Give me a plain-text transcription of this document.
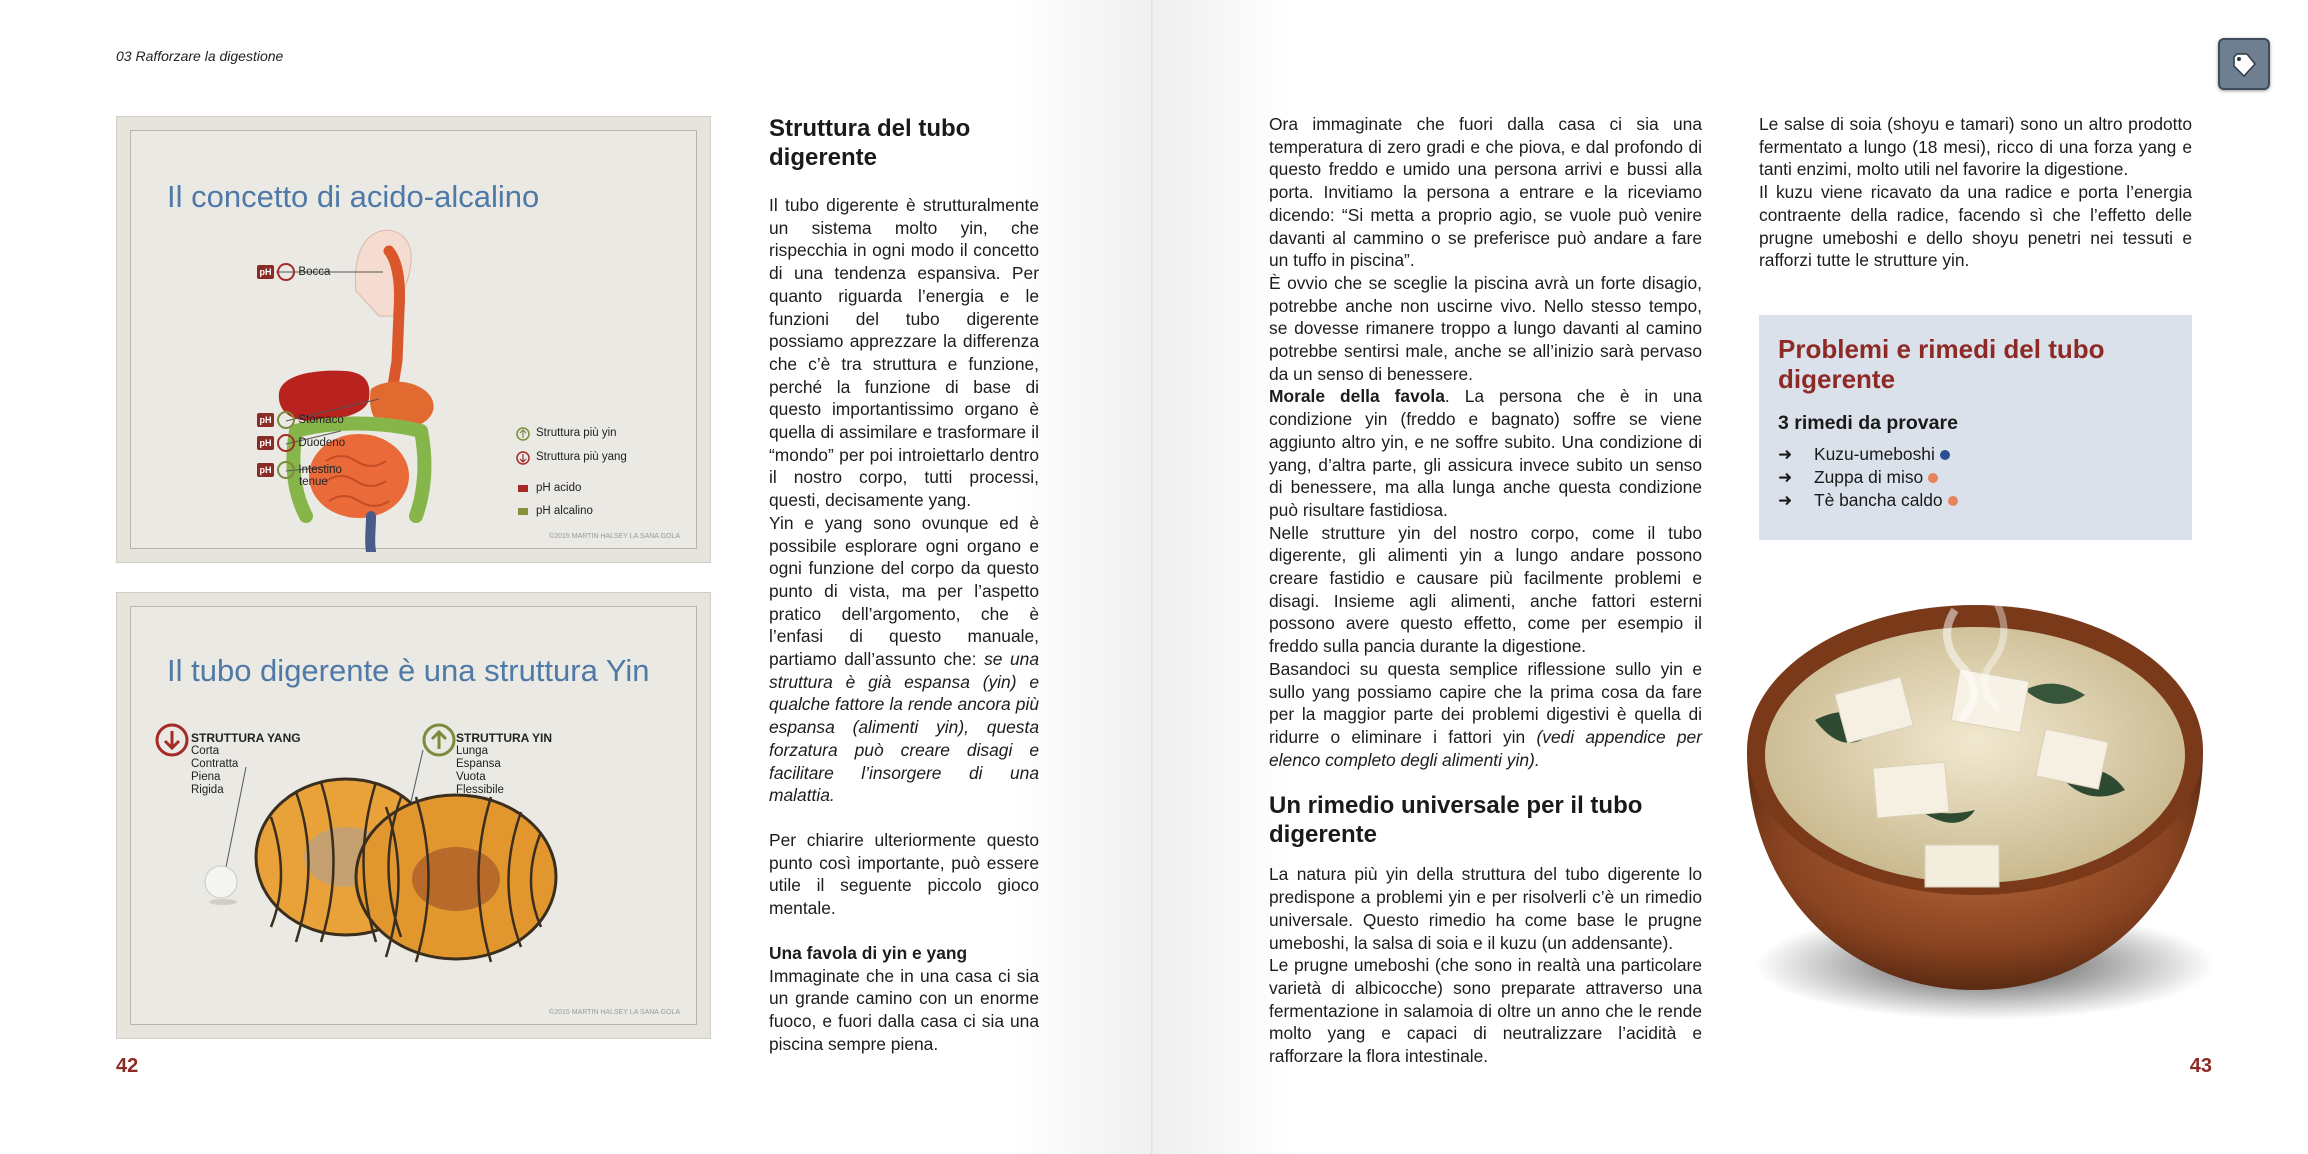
03 Rafforzare la digestione
Il concetto di acido-alcalino
pH Bocca
pH Stomaco
pH Duodeno
pH Intestino
tenue
Struttura più yin
Struttura più yang
pH acido
pH alcalino
©2015 MARTIN HALSEY LA SANA GOLA
Il tubo digerente è una struttura Yin
STRUTTURA YANG
Corta
Contratta
Piena
Rigida
STRUTTURA YIN
Lunga
Espansa
Vuota
Flessibile
©2015 MARTIN HALSEY LA SANA GOLA
Struttura del tubo digerente

Il tubo digerente è strutturalmente un sistema molto yin, che rispecchia in ogni modo il concetto di una tendenza espansiva. Per quanto riguarda l’energia e le funzioni del tubo digerente possiamo apprezzare la differenza che c’è tra struttura e funzione, perché la funzione di base di questo importantissimo organo è quella di assimilare e trasformare il “mondo” per poi introiettarlo dentro il nostro corpo, tutti processi, questi, decisamente yang.

Yin e yang sono ovunque ed è possibile esplorare ogni organo e ogni funzione del corpo da questo punto di vista, ma per l’aspetto pratico dell’argomento, che è l’enfasi di questo manuale, partiamo dall’assunto che: se una struttura è già espansa (yin) e qualche fattore la rende ancora più espansa (alimenti yin), questa forzatura può creare disagi e facilitare l’insorgere di una malattia.

Per chiarire ulteriormente questo punto così importante, può essere utile il seguente piccolo gioco mentale.

Una favola di yin e yang

Immaginate che in una casa ci sia un grande camino con un enorme fuoco, e fuori dalla casa ci sia una piscina sempre piena.

42

Ora immaginate che fuori dalla casa ci sia una temperatura di zero gradi e che piova, e dal profondo di questo freddo e umido una persona arrivi e bussi alla porta. Invitiamo la persona a entrare e la riceviamo dicendo: “Si metta a proprio agio, se vuole può venire davanti al cammino o se preferisce può andare a fare un tuffo in piscina”.

È ovvio che se sceglie la piscina avrà un forte disagio, potrebbe anche non uscirne vivo. Nello stesso tempo, se dovesse rimanere troppo a lungo davanti al camino potrebbe sentirsi male, anche se all’inizio sarà pervaso da un senso di benessere.

Morale della favola. La persona che è in una condizione yin (freddo e bagnato) soffre se viene aggiunto altro yin, e ne soffre subito. Una condizione di yang, d’altra parte, gli assicura invece subito un senso di benessere, ma alla lunga anche questa condizione può risultare fastidiosa.

Nelle strutture yin del nostro corpo, come il tubo digerente, gli alimenti yin a lungo andare possono creare fastidio e causare più facilmente problemi e disagi. Insieme agli alimenti, anche fattori esterni possono avere questo effetto, come per esempio il freddo sulla pancia durante la digestione.

Basandoci su questa semplice riflessione sullo yin e sullo yang possiamo capire che la prima cosa da fare per la maggior parte dei problemi digestivi è quella di ridurre o eliminare i fattori yin (vedi appendice per elenco completo degli alimenti yin).

Un rimedio universale per il tubo digerente

La natura più yin della struttura del tubo digerente lo predispone a problemi yin e per risolverli c’è un rimedio universale. Questo rimedio ha come base le prugne umeboshi, la salsa di soia e il kuzu (un addensante).

Le prugne umeboshi (che sono in realtà una particolare varietà di albicocche) sono preparate attraverso una fermentazione in salamoia di oltre un anno che le rende molto yang e capaci di neutralizzare l’acidità e rafforzare la flora intestinale.

Le salse di soia (shoyu e tamari) sono un altro prodotto fermentato a lungo (18 mesi), ricco di una forza yang e tanti enzimi, molto utili nel favorire la digestione.

Il kuzu viene ricavato da una radice e porta l’energia contraente della radice, facendo sì che l’effetto delle prugne umeboshi e dello shoyu penetri nei tessuti e rafforzi tutte le strutture yin.

Problemi e rimedi del tubo digerente
3 rimedi da provare
➜	Kuzu-umeboshi
➜	Zuppa di miso
➜	Tè bancha caldo
43
